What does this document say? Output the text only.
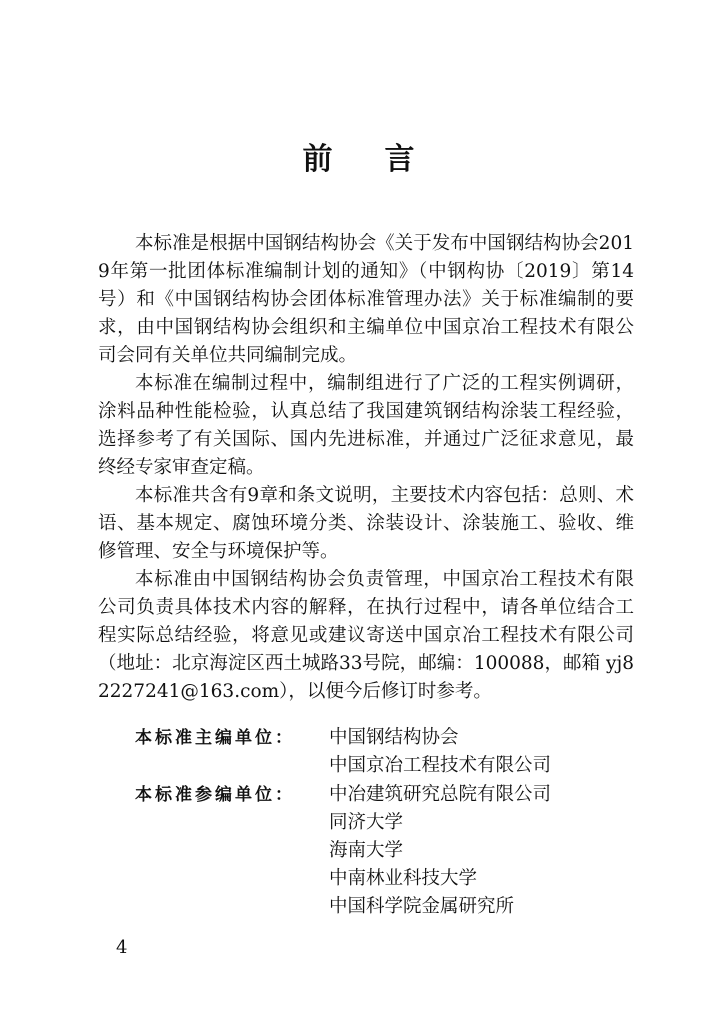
前言

本标准是根据中国钢结构协会《关于发布中国钢结构协会2019年第一批团体标准编制计划的通知》（中钢构协〔2019〕第14号）和《中国钢结构协会团体标准管理办法》关于标准编制的要求，由中国钢结构协会组织和主编单位中国京冶工程技术有限公司会同有关单位共同编制完成。

本标准在编制过程中，编制组进行了广泛的工程实例调研，涂料品种性能检验，认真总结了我国建筑钢结构涂装工程经验，选择参考了有关国际、国内先进标准，并通过广泛征求意见，最终经专家审查定稿。

本标准共含有9章和条文说明，主要技术内容包括：总则、术语、基本规定、腐蚀环境分类、涂装设计、涂装施工、验收、维修管理、安全与环境保护等。

本标准由中国钢结构协会负责管理，中国京冶工程技术有限公司负责具体技术内容的解释，在执行过程中，请各单位结合工程实际总结经验，将意见或建议寄送中国京冶工程技术有限公司（地址：北京海淀区西土城路33号院，邮编：100088，邮箱 yj82227241@163.com），以便今后修订时参考。

本标准主编单位：	中国钢结构协会
中国京冶工程技术有限公司
本标准参编单位：	中冶建筑研究总院有限公司
同济大学
海南大学
中南林业科技大学
中国科学院金属研究所
4
